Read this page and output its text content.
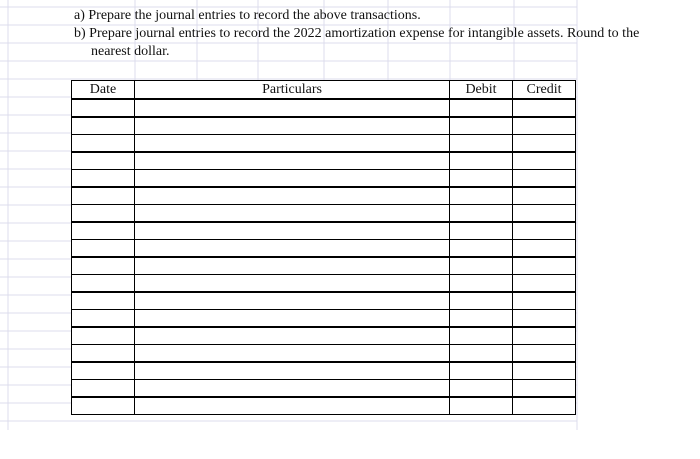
a) Prepare the journal entries to record the above transactions.
b) Prepare journal entries to record the 2022 amortization expense for intangible assets. Round to the
nearest dollar.
Date	Particulars	Debit	Credit
